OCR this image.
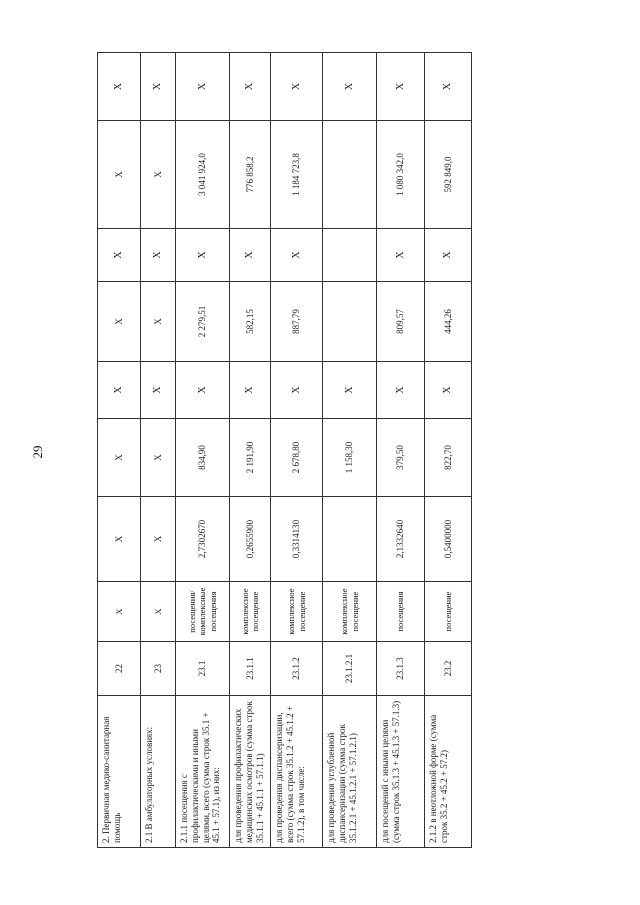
29
2. Первичная медико-санитарная помощь	22	X	X	X	X	X	X	X	X
2.1 В амбулаторных условиях:	23	X	X	X	X	X	X	X	X
2.1.1 посещения с профилактическими и иными целями, всего (сумма строк 35.1 + 45.1 + 57.1), из них:	23.1	посещения/комплексные посещения	2,7302670	834,90	X	2 279,51	X	3 041 924,0	X
для проведения профилактических медицинских осмотров (сумма строк 35.1.1 + 45.1.1 + 57.1.1)	23.1.1	комплексное посещение	0,2655900	2 191,90	X	582,15	X	776 858,2	X
для проведения диспансеризации, всего (сумма строк 35.1.2 + 45.1.2 + 57.1.2), в том числе:	23.1.2	комплексное посещение	0,3314130	2 678,80	X	887,79	X	1 184 723,8	X
для проведения углубленной диспансеризации (сумма строк 35.1.2.1 + 45.1.2.1 + 57.1.2.1)	23.1.2.1	комплексное посещение		1 158,30	X				X
для посещений с иными целями (сумма строк 35.1.3 + 45.1.3 + 57.1.3)	23.1.3	посещения	2,1332640	379,50	X	809,57	X	1 080 342,0	X
2.1.2 в неотложной форме (сумма строк 35.2 + 45.2 + 57.2)	23.2	посещение	0,5400000	822,70	X	444,26	X	592 849,0	X
